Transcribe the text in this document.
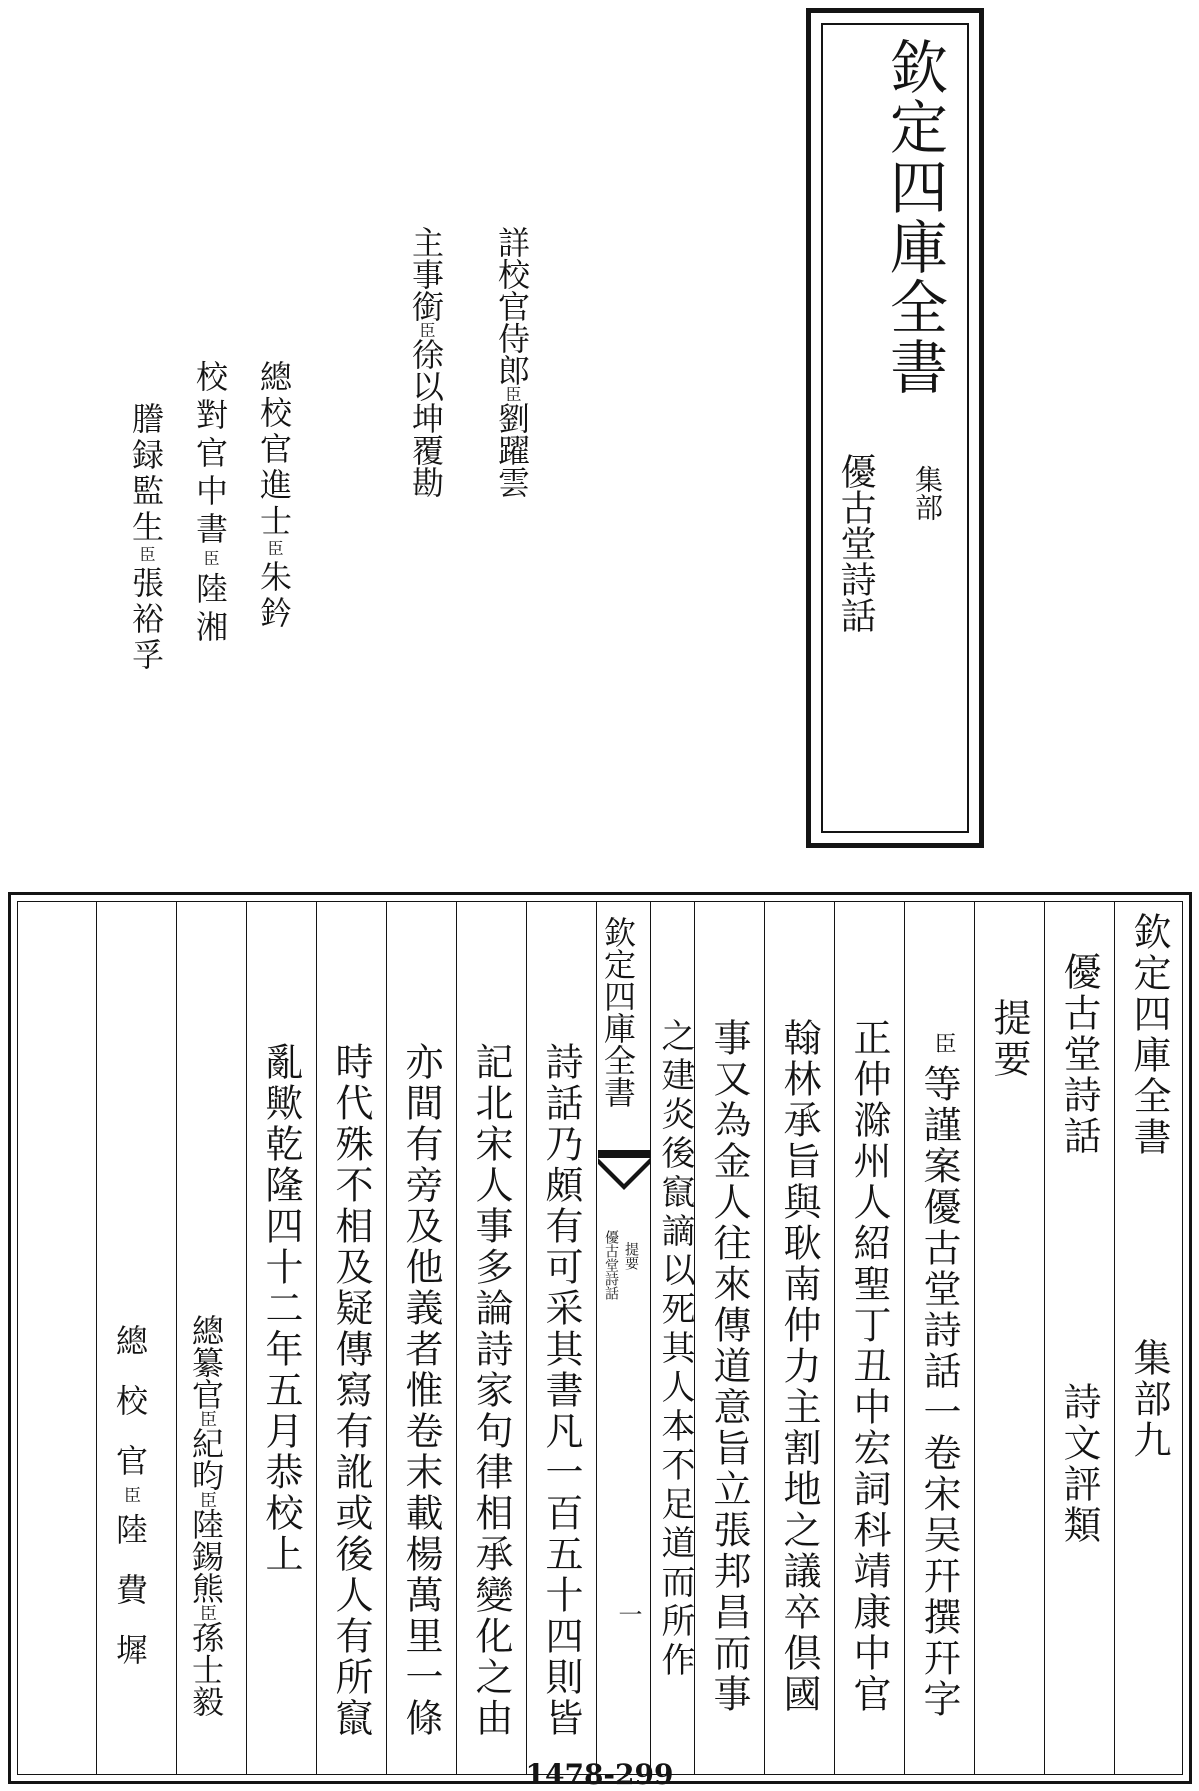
欽定四庫全書
優古堂詩話 集部
詳校官侍郎臣劉躍雲
主事銜臣徐以坤覆勘
總校官進士臣朱鈐
校對官中書臣陸湘
謄録監生臣張裕孚
欽定四庫全書
集部九
優古堂詩話
詩文評類
提要
臣
等謹案優古堂詩話一卷宋吴幵撰幵字
正仲滁州人紹聖丁丑中宏詞科靖康中官
翰林承旨與耿南仲力主割地之議卒倶國
事又為金人往來傳道意旨立張邦昌而事
之建炎後竄謫以死其人本不足道而所作
欽定四庫全書
優古堂詩話 提要
一
詩話乃頗有可采其書凡一百五十四則皆
記北宋人事多論詩家句律相承變化之由
亦間有旁及他義者惟卷末載楊萬里一條
時代殊不相及疑傳寫有訛或後人有所竄
亂歟乾隆四十二年五月恭校上
總纂官臣紀昀臣陸錫熊臣孫士毅
總校官臣陸費墀
1478-299
